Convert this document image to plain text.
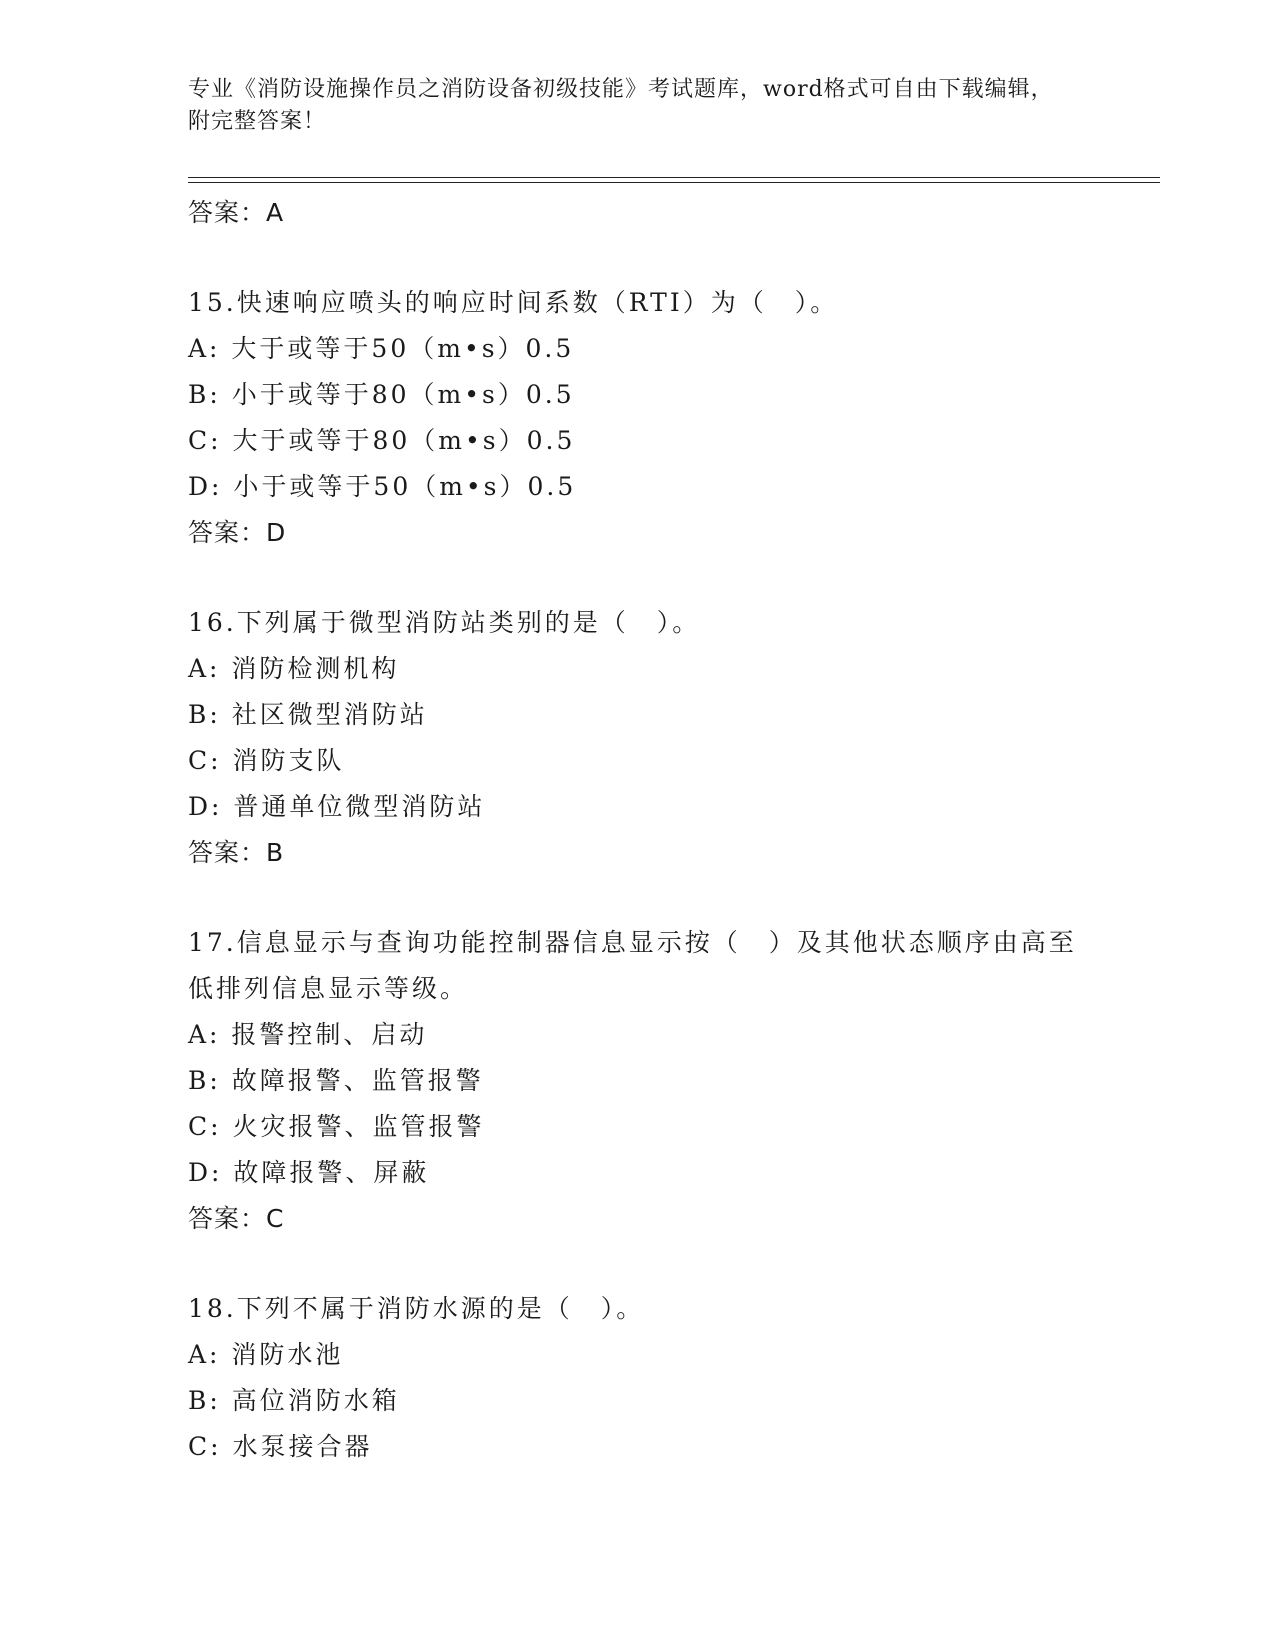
专业《消防设施操作员之消防设备初级技能》考试题库，word格式可自由下载编辑，附完整答案！
答案：A

15.快速响应喷头的响应时间系数（RTI）为（　）。

A: 大于或等于50（m•s）0.5
B: 小于或等于80（m•s）0.5
C: 大于或等于80（m•s）0.5
D: 小于或等于50（m•s）0.5
答案：D

16.下列属于微型消防站类别的是（　）。

A: 消防检测机构
B: 社区微型消防站
C: 消防支队
D: 普通单位微型消防站
答案：B

17.信息显示与查询功能控制器信息显示按（　）及其他状态顺序由高至低排列信息显示等级。

A: 报警控制、启动
B: 故障报警、监管报警
C: 火灾报警、监管报警
D: 故障报警、屏蔽
答案：C

18.下列不属于消防水源的是（　）。

A: 消防水池
B: 高位消防水箱
C: 水泵接合器
